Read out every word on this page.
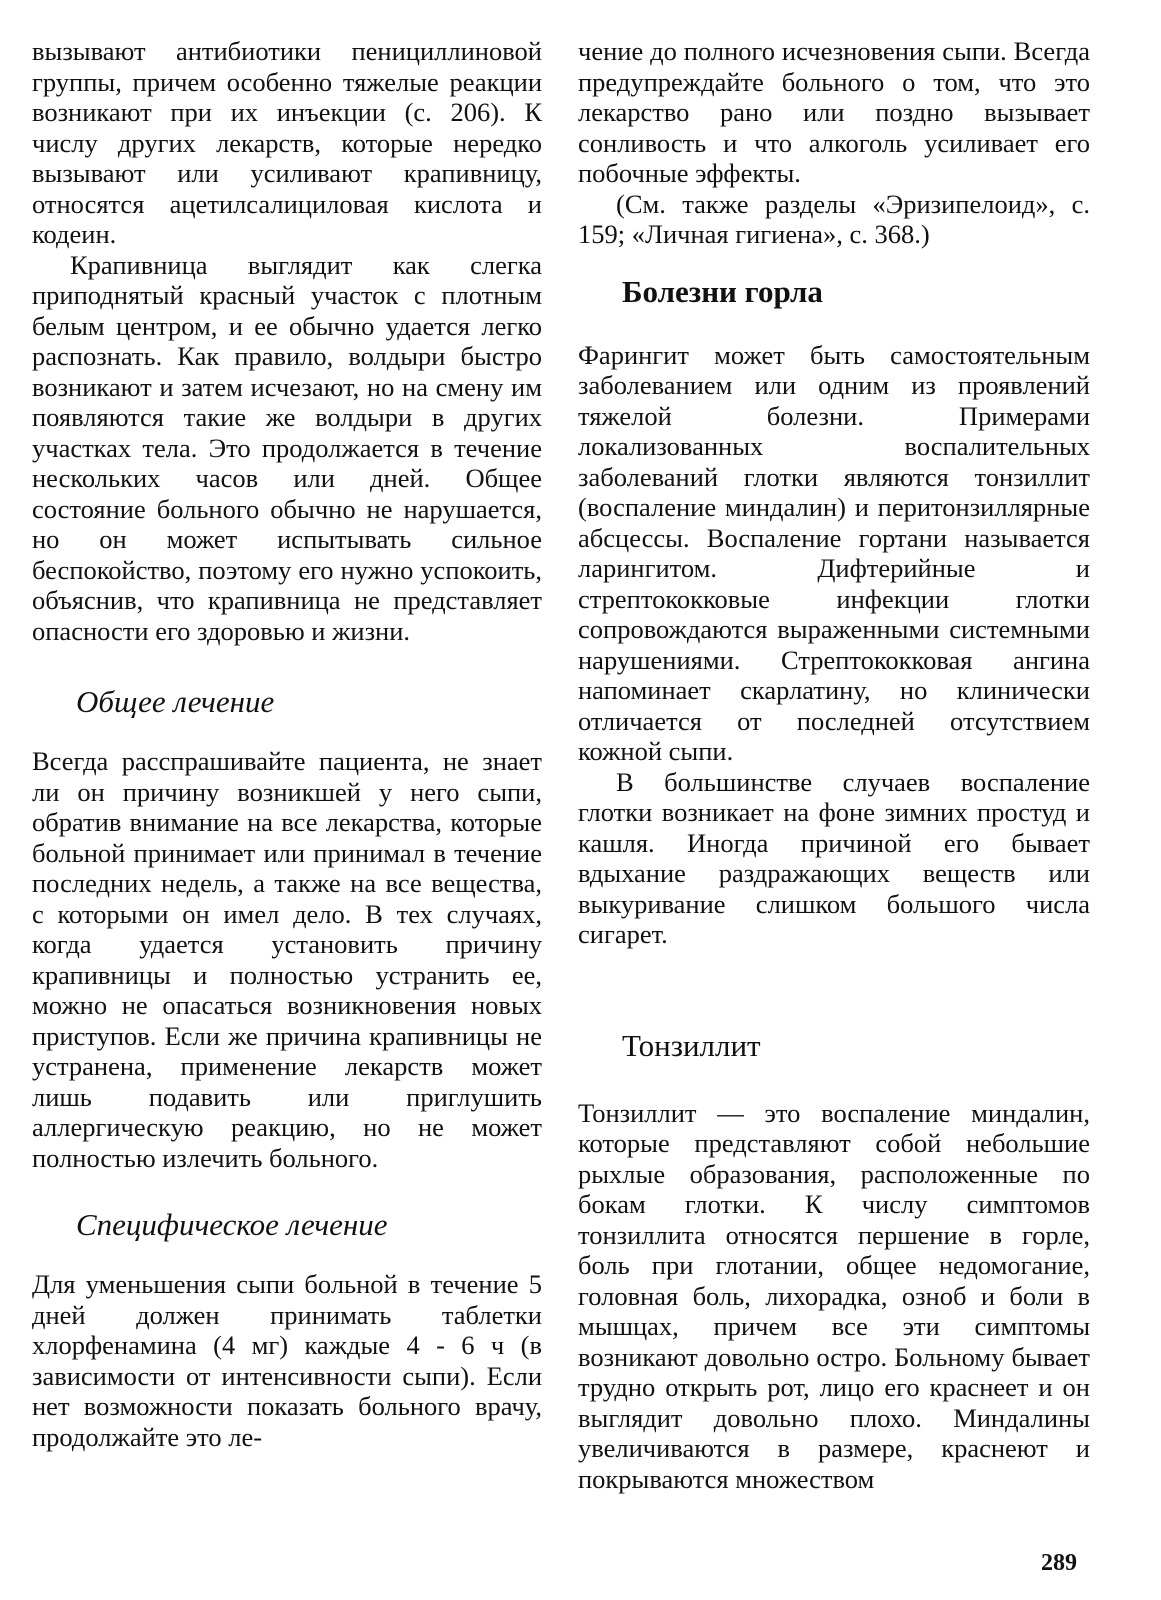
вызывают антибиотики пенициллиновой группы, причем особенно тяжелые реакции возникают при их инъекции (с. 206). К числу других лекарств, которые нередко вызывают или усиливают крапивницу, относятся ацетилсалициловая кислота и кодеин.

Крапивница выглядит как слегка приподнятый красный участок с плотным белым центром, и ее обычно удается легко распознать. Как правило, волдыри быстро возникают и затем исчезают, но на смену им появляются такие же волдыри в других участках тела. Это продолжается в течение нескольких часов или дней. Общее состояние больного обычно не нарушается, но он может испытывать сильное беспокойство, поэтому его нужно успокоить, объяснив, что крапивница не представляет опасности его здоровью и жизни.

Общее лечение

Всегда расспрашивайте пациента, не знает ли он причину возникшей у него сыпи, обратив внимание на все лекарства, которые больной принимает или принимал в течение последних недель, а также на все вещества, с которыми он имел дело. В тех случаях, когда удается установить причину крапивницы и полностью устранить ее, можно не опасаться возникновения новых приступов. Если же причина крапивницы не устранена, применение лекарств может лишь подавить или приглушить аллергическую реакцию, но не может полностью излечить больного.

Специфическое лечение

Для уменьшения сыпи больной в течение 5 дней должен принимать таблетки хлорфенамина (4 мг) каждые 4 - 6 ч (в зависимости от интенсивности сыпи). Если нет возможности показать больного врачу, продолжайте это ле-

чение до полного исчезновения сыпи. Всегда предупреждайте больного о том, что это лекарство рано или поздно вызывает сонливость и что алкоголь усиливает его побочные эффекты.

(См. также разделы «Эризипелоид», с. 159; «Личная гигиена», с. 368.)

Болезни горла

Фарингит может быть самостоятельным заболеванием или одним из проявлений тяжелой болезни. Примерами локализованных воспалительных заболеваний глотки являются тонзиллит (воспаление миндалин) и перитонзиллярные абсцессы. Воспаление гортани называется ларингитом. Дифтерийные и стрептококковые инфекции глотки сопровождаются выраженными системными нарушениями. Стрептококковая ангина напоминает скарлатину, но клинически отличается от последней отсутствием кожной сыпи.

В большинстве случаев воспаление глотки возникает на фоне зимних простуд и кашля. Иногда причиной его бывает вдыхание раздражающих веществ или выкуривание слишком большого числа сигарет.

Тонзиллит

Тонзиллит — это воспаление миндалин, которые представляют собой небольшие рыхлые образования, расположенные по бокам глотки. К числу симптомов тонзиллита относятся першение в горле, боль при глотании, общее недомогание, головная боль, лихорадка, озноб и боли в мышцах, причем все эти симптомы возникают довольно остро. Больному бывает трудно открыть рот, лицо его краснеет и он выглядит довольно плохо. Миндалины увеличиваются в размере, краснеют и покрываются множеством

289
